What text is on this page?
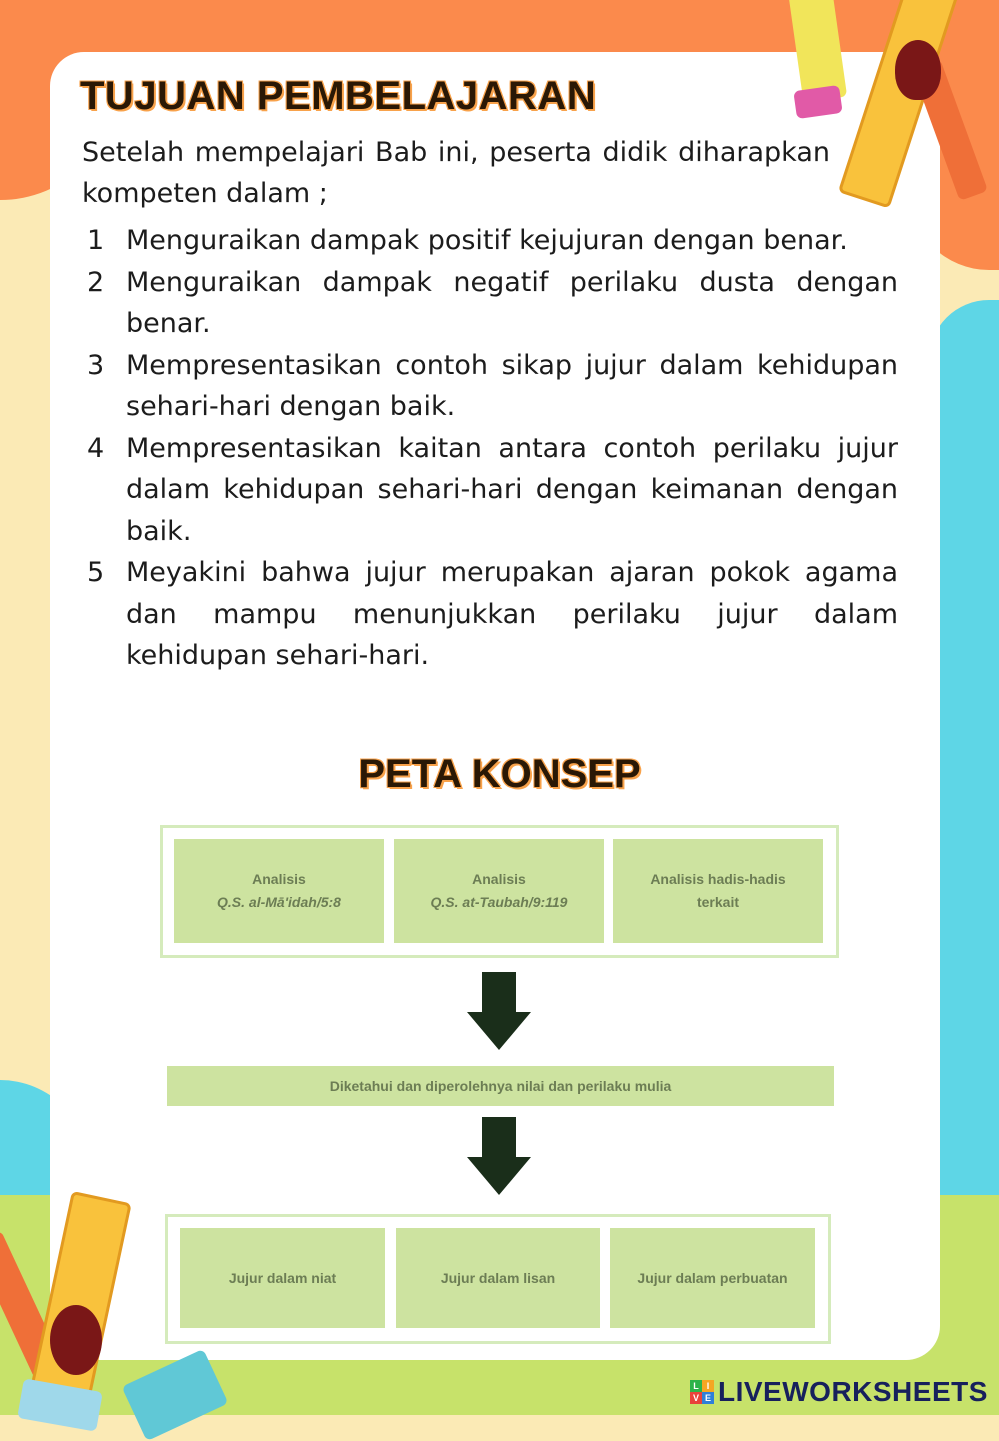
TUJUAN PEMBELAJARAN

Setelah mempelajari Bab ini, peserta didik diharapkan kompeten dalam ;

1 Menguraikan dampak positif kejujuran dengan benar.
2 Menguraikan dampak negatif perilaku dusta dengan benar.
3 Mempresentasikan contoh sikap jujur dalam kehidupan sehari-hari dengan baik.
4 Mempresentasikan kaitan antara contoh perilaku jujur dalam kehidupan sehari-hari dengan keimanan dengan baik.
5 Meyakini bahwa jujur merupakan ajaran pokok agama dan mampu menunjukkan perilaku jujur dalam kehidupan sehari-hari.
PETA KONSEP
Analisis
Q.S. al-Mā'idah/5:8
Analisis
Q.S. at-Taubah/9:119
Analisis hadis-hadis
terkait
Diketahui dan diperolehnya nilai dan perilaku mulia
Jujur dalam niat	Jujur dalam lisan	Jujur dalam perbuatan
L I
V E LIVEWORKSHEETS
